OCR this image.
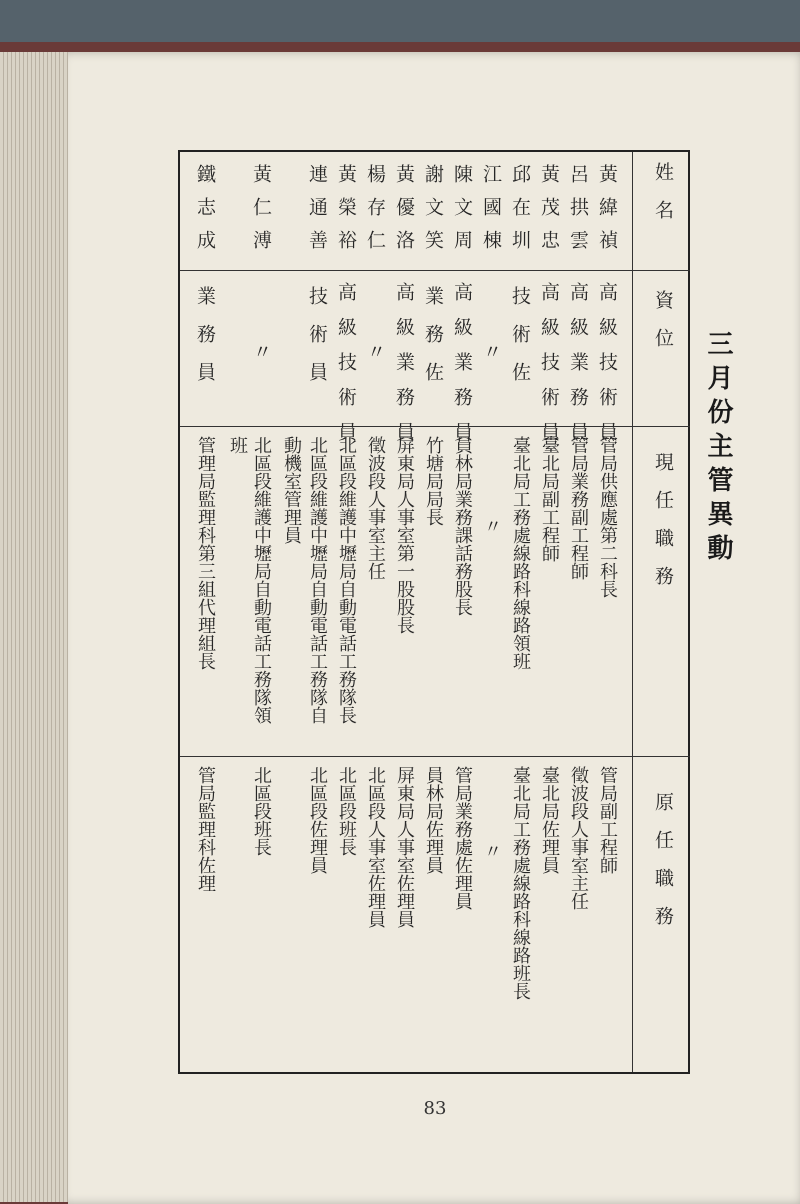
姓　名
資　位
現　任　職　務
原　任　職　務
黃緯禎
高級技術員
管局供應處第二科長
管局副工程師
呂拱雲
高級業務員
管局業務副工程師
徵波段人事室主任
黃茂忠
高級技術員
臺北局副工程師
臺北局佐理員
邱在圳
技　術　佐
臺北局工務處線路科線路領班
臺北局工務處線路科線路班長
江國棟
〃
〃
〃
陳文周
高級業務員
員林局業務課話務股長
管局業務處佐理員
謝文笑
業　務　佐
竹塘局局長
員林局佐理員
黃優洛
高級業務員
屏東局人事室第一股股長
屏東局人事室佐理員
楊存仁
〃
徵波段人事室主任
北區段人事室佐理員
黃榮裕
高級技術員
北區段維護中壢局自動電話工務隊長
北區段班長
連通善
技　術　員
北區段維護中壢局自動電話工務隊自
動機室管理員
北區段佐理員
黃仁溥
〃
北區段維護中壢局自動電話工務隊領
班
北區段班長
鐵志成
業　務　員
管理局監理科第三組代理組長
管局監理科佐理
三月份主管異動
83
